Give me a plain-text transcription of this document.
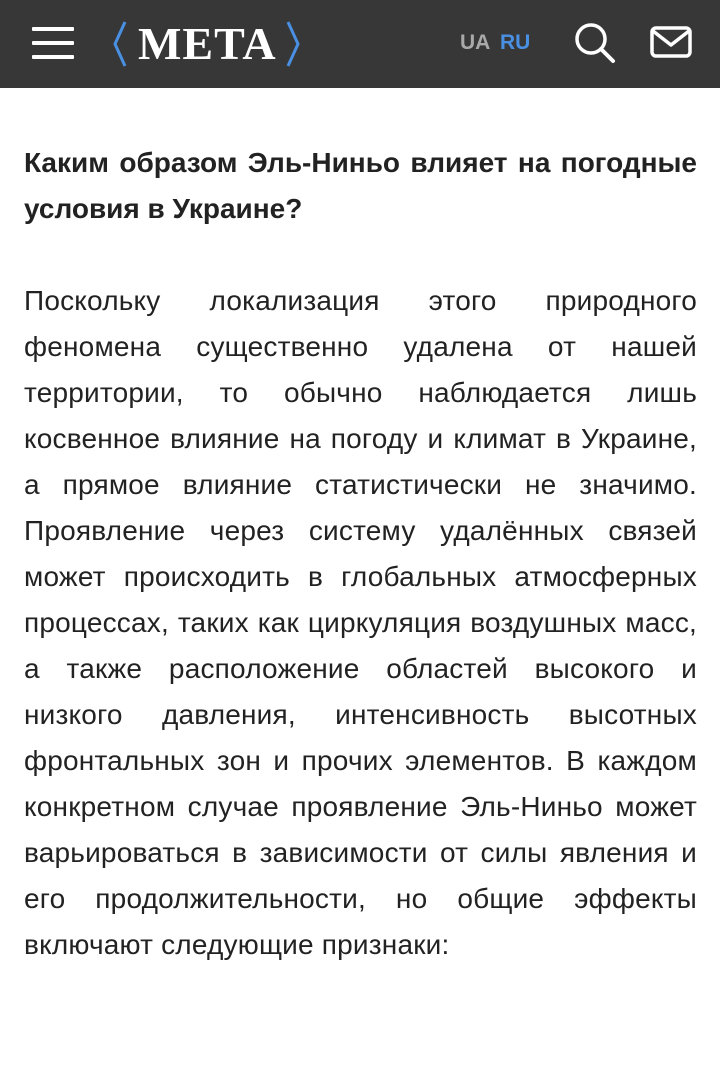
META	UA RU
Каким образом Эль-Ниньо влияет на погодные условия в Украине?

Поскольку локализация этого природного феномена существенно удалена от нашей территории, то обычно наблюдается лишь косвенное влияние на погоду и климат в Украине, а прямое влияние статистически не значимо. Проявление через систему удалённых связей может происходить в глобальных атмосферных процессах, таких как циркуляция воздушных масс, а также расположение областей высокого и низкого давления, интенсивность высотных фронтальных зон и прочих элементов. В каждом конкретном случае проявление Эль-Ниньо может варьироваться в зависимости от силы явления и его продолжительности, но общие эффекты включают следующие признаки:
